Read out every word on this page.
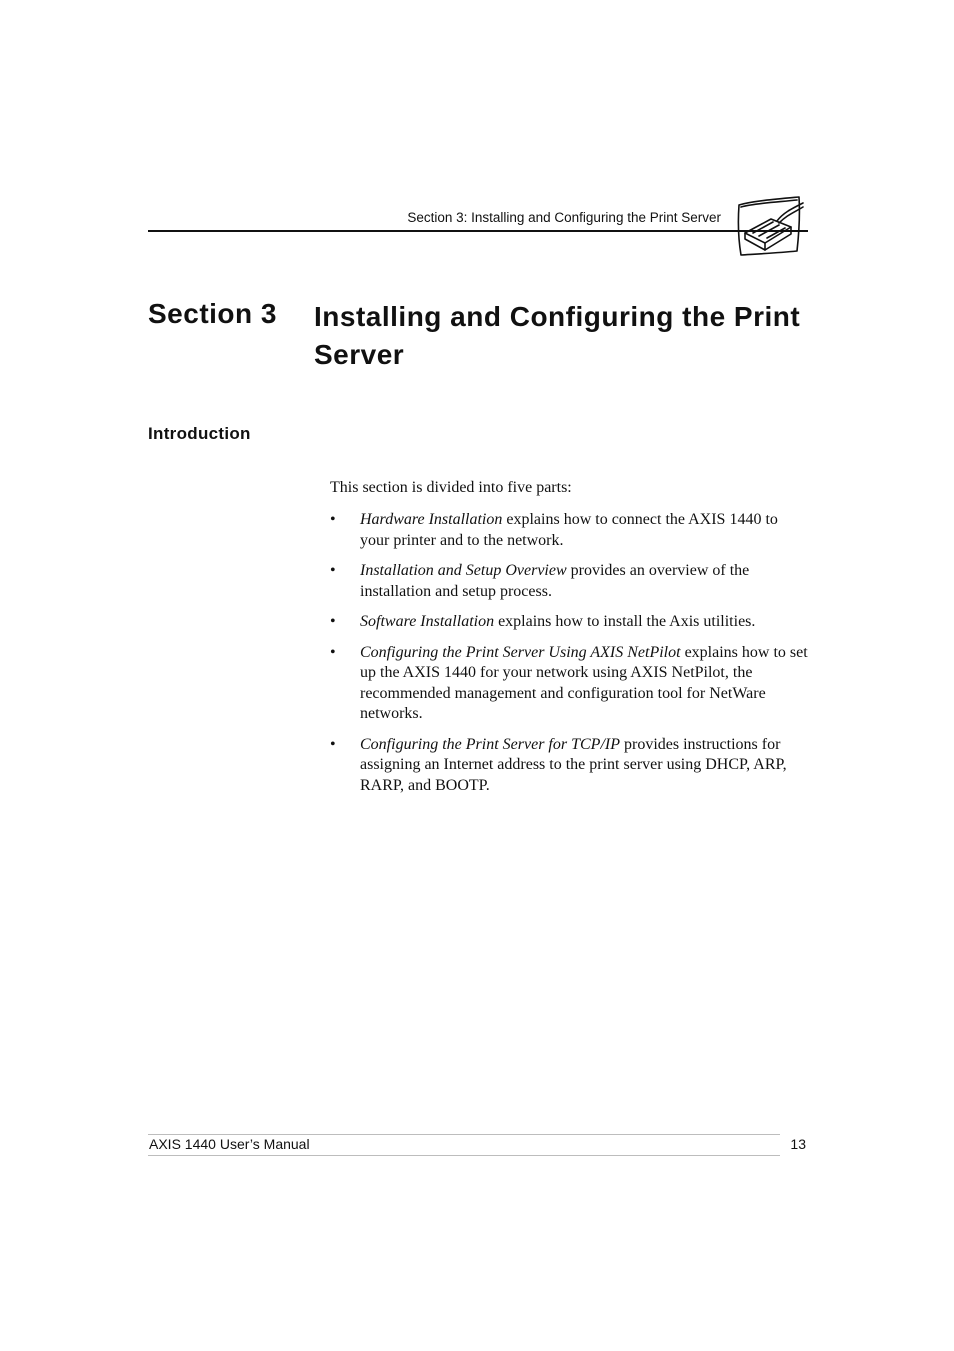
Section 3: Installing and Configuring the Print Server
Section 3 Installing and Configuring the Print Server
Introduction

This section is divided into five parts:

• Hardware Installation explains how to connect the AXIS 1440 to your printer and to the network.
• Installation and Setup Overview provides an overview of the installation and setup process.
• Software Installation explains how to install the Axis utilities.
• Configuring the Print Server Using AXIS NetPilot explains how to set up the AXIS 1440 for your network using AXIS NetPilot, the recommended management and configuration tool for NetWare networks.
• Configuring the Print Server for TCP/IP provides instructions for assigning an Internet address to the print server using DHCP, ARP, RARP, and BOOTP.
AXIS 1440 User’s Manual	13
